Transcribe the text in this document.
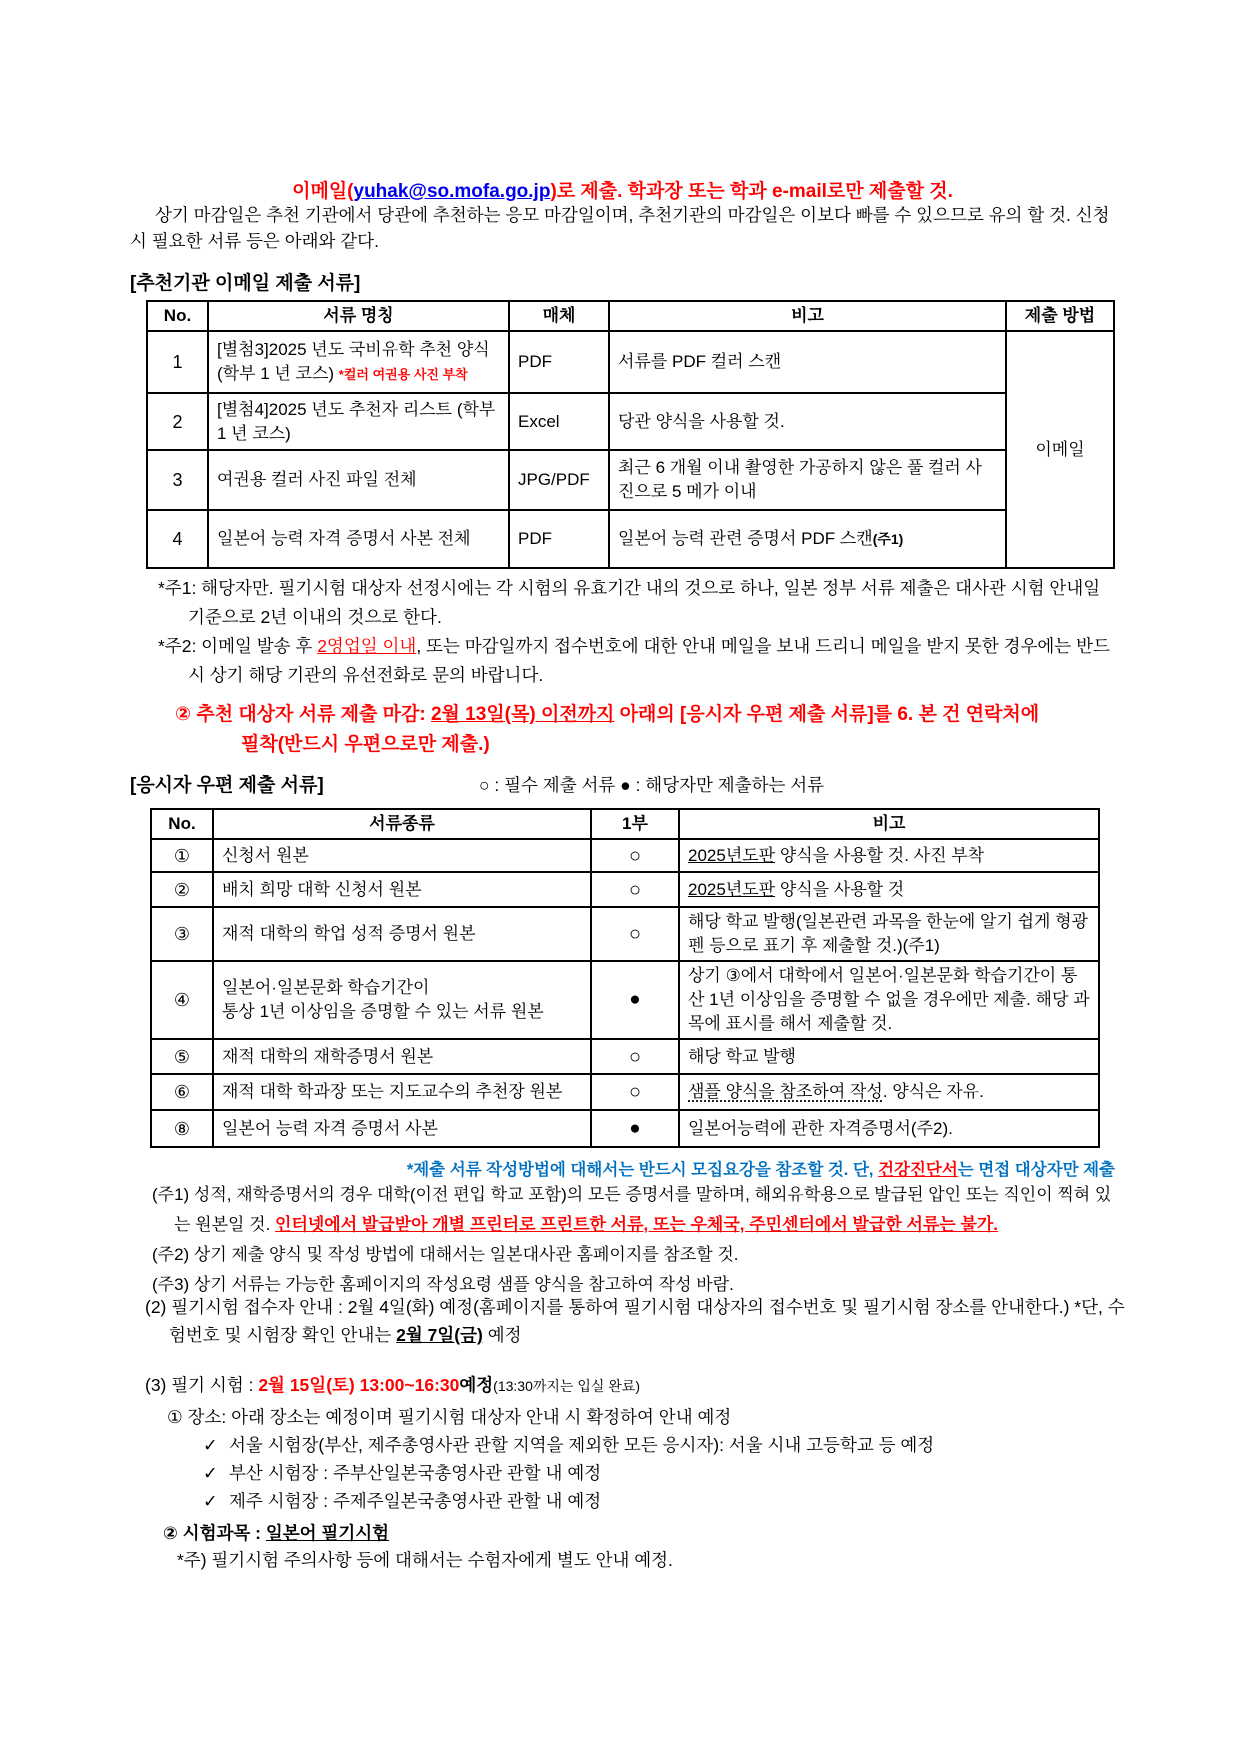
이메일(yuhak@so.mofa.go.jp)로 제출. 학과장 또는 학과 e-mail로만 제출할 것.
상기 마감일은 추천 기관에서 당관에 추천하는 응모 마감일이며, 추천기관의 마감일은 이보다 빠를 수 있으므로 유의 할 것. 신청시 필요한 서류 등은 아래와 같다.
[추천기관 이메일 제출 서류]
No.	서류 명칭	매체	비고	제출 방법
1	[별첨3]2025 년도 국비유학 추천 양식(학부 1 년 코스) *컬러 여권용 사진 부착	PDF	서류를 PDF 컬러 스캔	이메일
2	[별첨4]2025 년도 추천자 리스트 (학부 1 년 코스)	Excel	당관 양식을 사용할 것.	
3	여권용 컬러 사진 파일 전체	JPG/PDF	최근 6 개월 이내 촬영한 가공하지 않은 풀 컬러 사진으로 5 메가 이내	
4	일본어 능력 자격 증명서 사본 전체	PDF	일본어 능력 관련 증명서 PDF 스캔(주1)	

*주1: 해당자만. 필기시험 대상자 선정시에는 각 시험의 유효기간 내의 것으로 하나, 일본 정부 서류 제출은 대사관 시험 안내일 기준으로 2년 이내의 것으로 한다.

*주2: 이메일 발송 후 2영업일 이내, 또는 마감일까지 접수번호에 대한 안내 메일을 보내 드리니 메일을 받지 못한 경우에는 반드시 상기 해당 기관의 유선전화로 문의 바랍니다.

② 추천 대상자 서류 제출 마감: 2월 13일(목) 이전까지 아래의 [응시자 우편 제출 서류]를 6. 본 건 연락처에
필착(반드시 우편으로만 제출.)
[응시자 우편 제출 서류]	○ : 필수 제출 서류 ● : 해당자만 제출하는 서류
No.	서류종류	1부	비고
①	신청서 원본	○	2025년도판 양식을 사용할 것. 사진 부착
②	배치 희망 대학 신청서 원본	○	2025년도판 양식을 사용할 것
③	재적 대학의 학업 성적 증명서 원본	○	해당 학교 발행(일본관련 과목을 한눈에 알기 쉽게 형광펜 등으로 표기 후 제출할 것.)(주1)
④	일본어·일본문화 학습기간이
통상 1년 이상임을 증명할 수 있는 서류 원본	●	상기 ③에서 대학에서 일본어·일본문화 학습기간이 통산 1년 이상임을 증명할 수 없을 경우에만 제출. 해당 과목에 표시를 해서 제출할 것.
⑤	재적 대학의 재학증명서 원본	○	해당 학교 발행
⑥	재적 대학 학과장 또는 지도교수의 추천장 원본	○	샘플 양식을 참조하여 작성. 양식은 자유.
⑧	일본어 능력 자격 증명서 사본	●	일본어능력에 관한 자격증명서(주2).
*제출 서류 작성방법에 대해서는 반드시 모집요강을 참조할 것. 단, 건강진단서는 면접 대상자만 제출

(주1) 성적, 재학증명서의 경우 대학(이전 편입 학교 포함)의 모든 증명서를 말하며, 해외유학용으로 발급된 압인 또는 직인이 찍혀 있는 원본일 것. 인터넷에서 발급받아 개별 프린터로 프린트한 서류, 또는 우체국, 주민센터에서 발급한 서류는 불가.

(주2) 상기 제출 양식 및 작성 방법에 대해서는 일본대사관 홈페이지를 참조할 것.

(주3) 상기 서류는 가능한 홈페이지의 작성요령 샘플 양식을 참고하여 작성 바람.

(2) 필기시험 접수자 안내 : 2월 4일(화) 예정(홈페이지를 통하여 필기시험 대상자의 접수번호 및 필기시험 장소를 안내한다.) *단, 수험번호 및 시험장 확인 안내는 2월 7일(금) 예정

(3) 필기 시험 : 2월 15일(토) 13:00~16:30예정(13:30까지는 입실 완료)
① 장소: 아래 장소는 예정이며 필기시험 대상자 안내 시 확정하여 안내 예정
✓ 서울 시험장(부산, 제주총영사관 관할 지역을 제외한 모든 응시자): 서울 시내 고등학교 등 예정
✓ 부산 시험장 : 주부산일본국총영사관 관할 내 예정
✓ 제주 시험장 : 주제주일본국총영사관 관할 내 예정
② 시험과목 : 일본어 필기시험
*주) 필기시험 주의사항 등에 대해서는 수험자에게 별도 안내 예정.
